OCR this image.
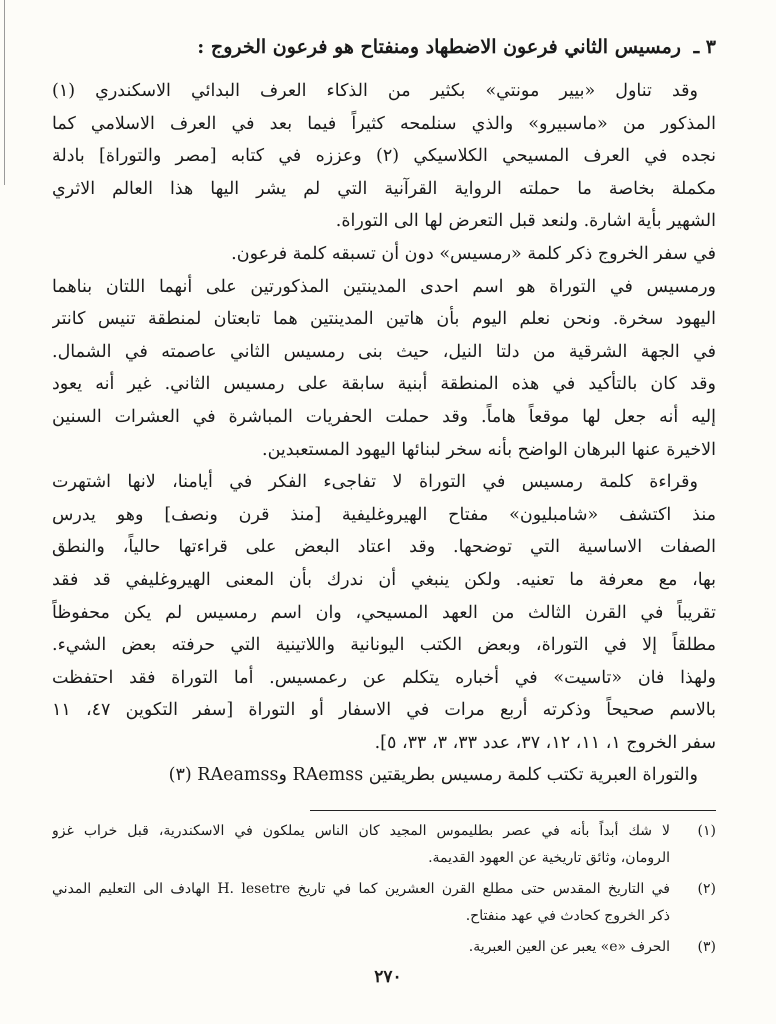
٣ ـ رمسيس الثاني فرعون الاضطهاد ومنفتاح هو فرعون الخروج :
وقد تناول «بيير مونتي» بكثير من الذكاء العرف البدائي الاسكندري (١)
المذكور من «ماسبيرو» والذي سنلمحه كثيراً فيما بعد في العرف الاسلامي كما
نجده في العرف المسيحي الكلاسيكي (٢) وعززه في كتابه [مصر والتوراة] بادلة
مكملة بخاصة ما حملته الرواية القرآنية التي لم يشر اليها هذا العالم الاثري
الشهير بأية اشارة. ولنعد قبل التعرض لها الى التوراة.
في سفر الخروج ذكر كلمة «رمسيس» دون أن تسبقه كلمة فرعون.
ورمسيس في التوراة هو اسم احدى المدينتين المذكورتين على أنهما اللتان بناهما
اليهود سخرة. ونحن نعلم اليوم بأن هاتين المدينتين هما تابعتان لمنطقة تنيس كانتر
في الجهة الشرقية من دلتا النيل، حيث بنى رمسيس الثاني عاصمته في الشمال.
وقد كان بالتأكيد في هذه المنطقة أبنية سابقة على رمسيس الثاني. غير أنه يعود
إليه أنه جعل لها موقعاً هاماً. وقد حملت الحفريات المباشرة في العشرات السنين
الاخيرة عنها البرهان الواضح بأنه سخر لبنائها اليهود المستعبدين.
وقراءة كلمة رمسيس في التوراة لا تفاجىء الفكر في أيامنا، لانها اشتهرت
منذ اكتشف «شامبليون» مفتاح الهيروغليفية [منذ قرن ونصف] وهو يدرس
الصفات الاساسية التي توضحها. وقد اعتاد البعض على قراءتها حالياً، والنطق
بها، مع معرفة ما تعنيه. ولكن ينبغي أن ندرك بأن المعنى الهيروغليفي قد فقد
تقريباً في القرن الثالث من العهد المسيحي، وان اسم رمسيس لم يكن محفوظاً
مطلقاً إلا في التوراة، وبعض الكتب اليونانية واللاتينية التي حرفته بعض الشيء.
ولهذا فان «تاسيت» في أخباره يتكلم عن رعمسيس. أما التوراة فقد احتفظت
بالاسم صحيحاً وذكرته أربع مرات في الاسفار أو التوراة [سفر التكوين ٤٧، ١١
سفر الخروج ١، ١١، ١٢، ٣٧، عدد ٣٣، ٣، ٣٣، ٥].
والتوراة العبرية تكتب كلمة رمسيس بطريقتين RAemss وRAeamss (٣)
(١)
لا شك أبداً بأنه في عصر بطليموس المجيد كان الناس يملكون في الاسكندرية، قبل خراب غزو
الرومان، وثائق تاريخية عن العهود القديمة.
(٢)
في التاريخ المقدس حتى مطلع القرن العشرين كما في تاريخ H. lesetre الهادف الى التعليم المدني
ذكر الخروج كحادث في عهد منفتاح.
(٣)
الحرف «e» يعبر عن العين العبرية.
٢٧٠
